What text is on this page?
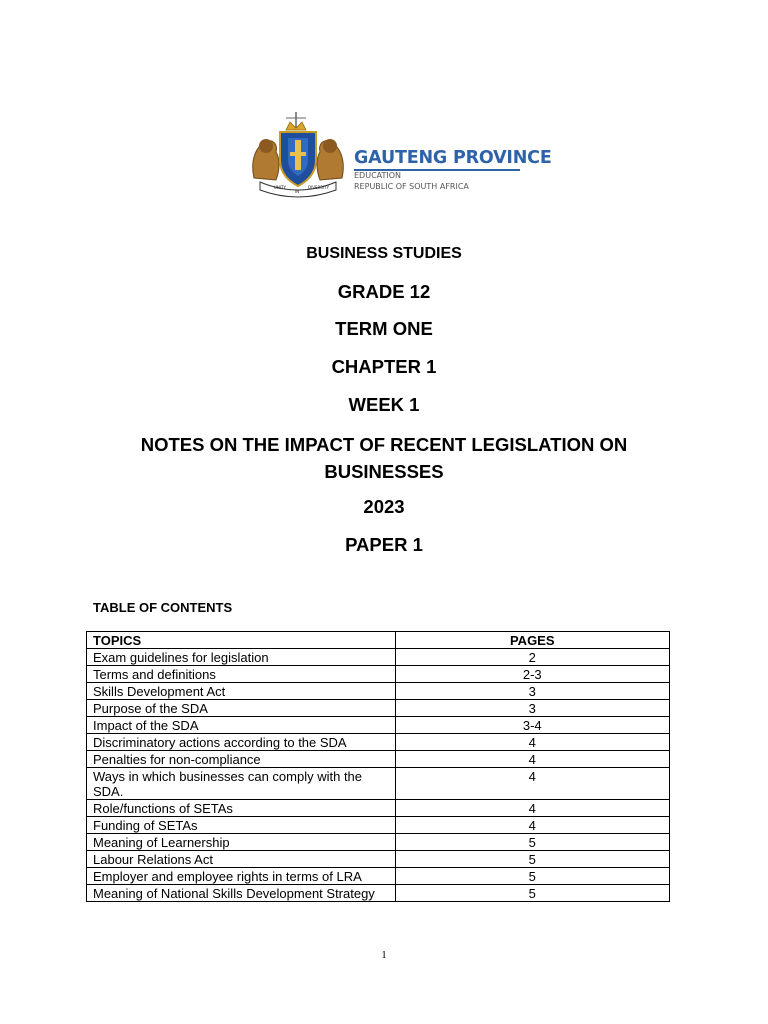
UNITY
IN
DIVERSITY
GAUTENG PROVINCE
EDUCATION
REPUBLIC OF SOUTH AFRICA
BUSINESS STUDIES
GRADE 12
TERM ONE
CHAPTER 1
WEEK 1
NOTES ON THE IMPACT OF RECENT LEGISLATION ON BUSINESSES
2023
PAPER 1
TABLE OF CONTENTS
TOPICS	PAGES
Exam guidelines for legislation	2
Terms and definitions	2-3
Skills Development Act	3
Purpose of the SDA	3
Impact of the SDA	3-4
Discriminatory actions according to the SDA	4
Penalties for non-compliance	4
Ways in which businesses can comply with the SDA.	4
Role/functions of SETAs	4
Funding of SETAs	4
Meaning of Learnership	5
Labour Relations Act	5
Employer and employee rights in terms of LRA	5
Meaning of National Skills Development Strategy	5
1
